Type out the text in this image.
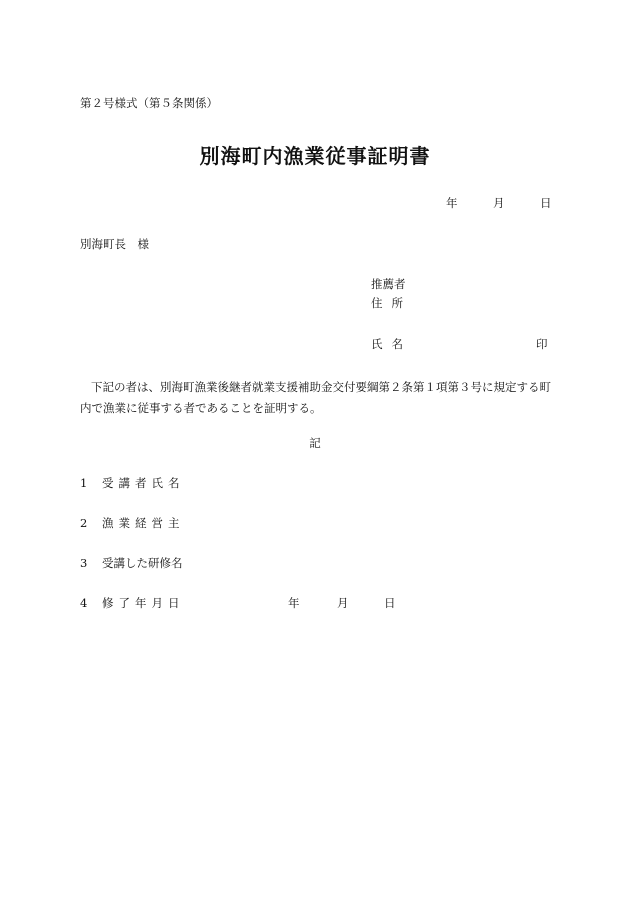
第２号様式（第５条関係）
別海町内漁業従事証明書
年	月	日
別海町長　様
推薦者
住所
氏名	印
下記の者は、別海町漁業後継者就業支援補助金交付要綱第２条第１項第３号に規定する町内で漁業に従事する者であることを証明する。
記
1 受講者氏名
2 漁業経営主
3 受講した研修名
4 修了年月日	年	月	日
